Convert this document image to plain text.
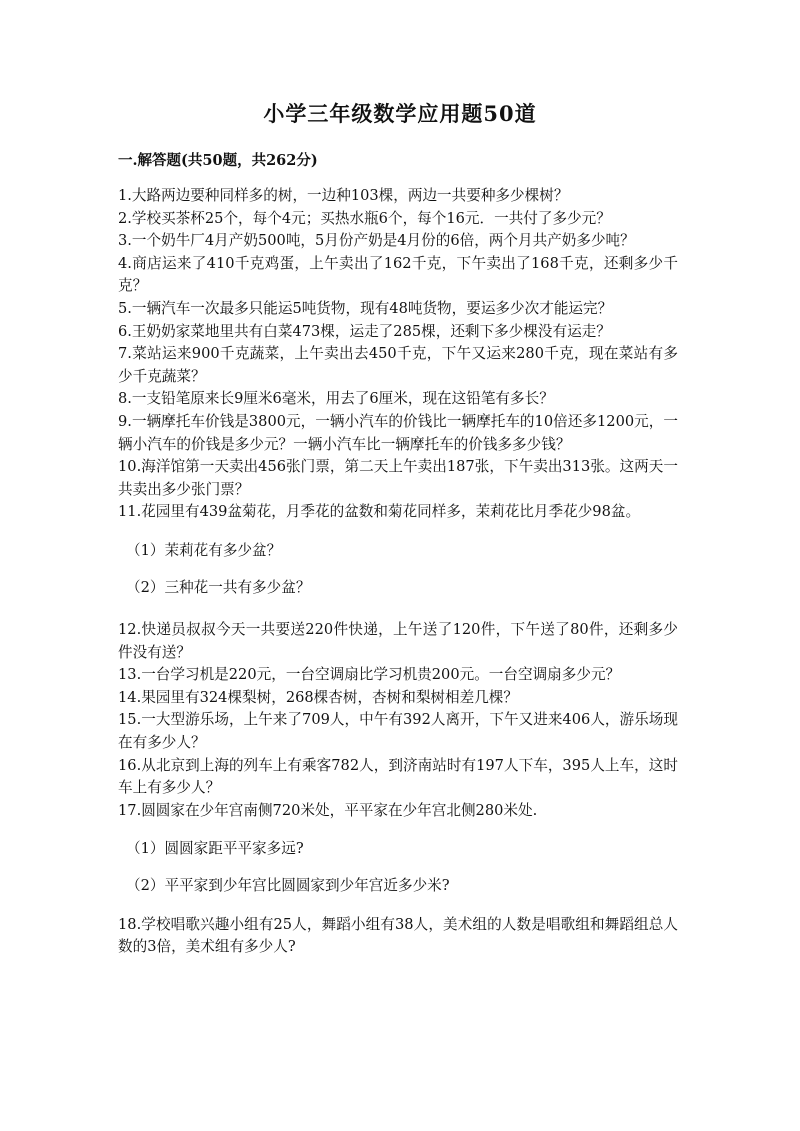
小学三年级数学应用题50道
一.解答题(共50题，共262分)

1.大路两边要种同样多的树，一边种103棵，两边一共要种多少棵树？

2.学校买茶杯25个，每个4元；买热水瓶6个，每个16元．一共付了多少元？

3.一个奶牛厂4月产奶500吨，5月份产奶是4月份的6倍，两个月共产奶多少吨？

4.商店运来了410千克鸡蛋，上午卖出了162千克，下午卖出了168千克，还剩多少千克？

5.一辆汽车一次最多只能运5吨货物，现有48吨货物，要运多少次才能运完？

6.王奶奶家菜地里共有白菜473棵，运走了285棵，还剩下多少棵没有运走？

7.菜站运来900千克蔬菜，上午卖出去450千克，下午又运来280千克，现在菜站有多少千克蔬菜？

8.一支铅笔原来长9厘米6毫米，用去了6厘米，现在这铅笔有多长？

9.一辆摩托车价钱是3800元，一辆小汽车的价钱比一辆摩托车的10倍还多1200元，一辆小汽车的价钱是多少元？一辆小汽车比一辆摩托车的价钱多多少钱？

10.海洋馆第一天卖出456张门票，第二天上午卖出187张，下午卖出313张。这两天一共卖出多少张门票？

11.花园里有439盆菊花，月季花的盆数和菊花同样多，茉莉花比月季花少98盆。

（1）茉莉花有多少盆？

（2）三种花一共有多少盆？

12.快递员叔叔今天一共要送220件快递，上午送了120件，下午送了80件，还剩多少件没有送？

13.一台学习机是220元，一台空调扇比学习机贵200元。一台空调扇多少元？

14.果园里有324棵梨树，268棵杏树，杏树和梨树相差几棵？

15.一大型游乐场，上午来了709人，中午有392人离开，下午又进来406人，游乐场现在有多少人？

16.从北京到上海的列车上有乘客782人，到济南站时有197人下车，395人上车，这时车上有多少人？

17.圆圆家在少年宫南侧720米处，平平家在少年宫北侧280米处.

（1）圆圆家距平平家多远?

（2）平平家到少年宫比圆圆家到少年宫近多少米?

18.学校唱歌兴趣小组有25人，舞蹈小组有38人，美术组的人数是唱歌组和舞蹈组总人数的3倍，美术组有多少人?
